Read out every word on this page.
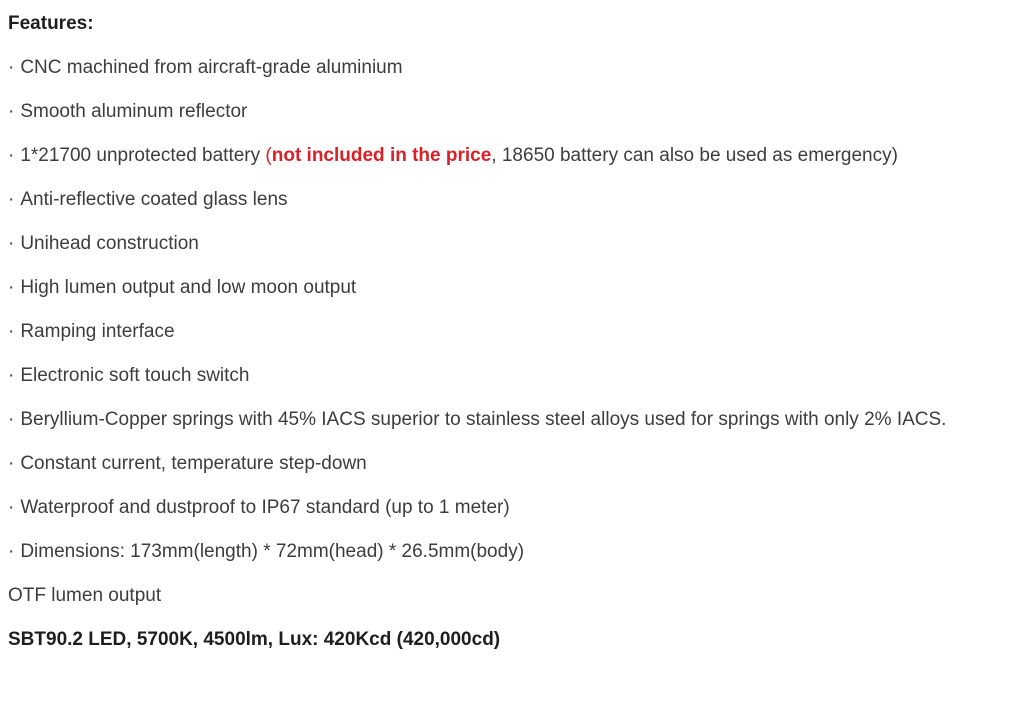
Features:

· CNC machined from aircraft-grade aluminium

· Smooth aluminum reflector

· 1*21700 unprotected battery (not included in the price, 18650 battery can also be used as emergency)

· Anti-reflective coated glass lens

· Unihead construction

· High lumen output and low moon output

· Ramping interface

· Electronic soft touch switch

· Beryllium-Copper springs with 45% IACS superior to stainless steel alloys used for springs with only 2% IACS.

· Constant current, temperature step-down

· Waterproof and dustproof to IP67 standard (up to 1 meter)

· Dimensions: 173mm(length) * 72mm(head) * 26.5mm(body)

OTF lumen output

SBT90.2 LED, 5700K, 4500lm, Lux: 420Kcd (420,000cd)
